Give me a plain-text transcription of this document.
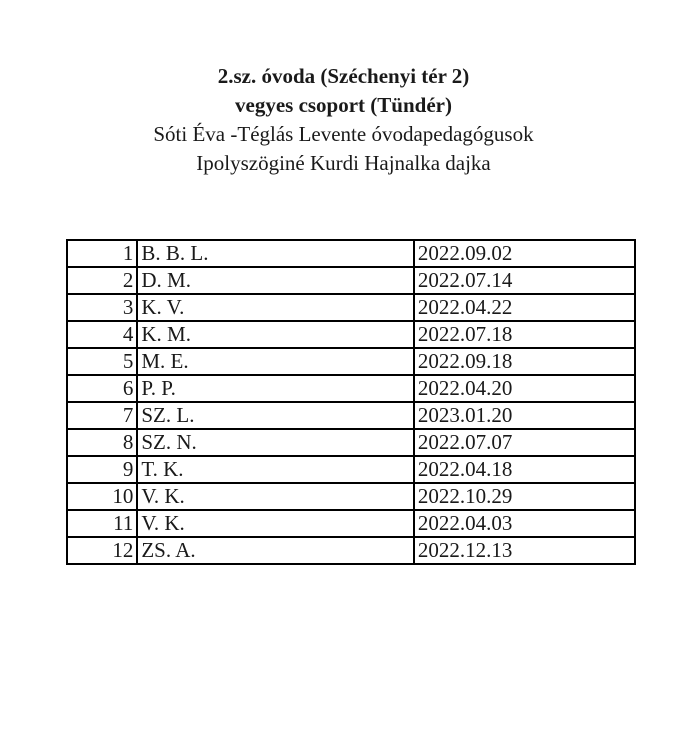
2.sz. óvoda (Széchenyi tér 2)
vegyes csoport (Tündér)
Sóti Éva -Téglás Levente óvodapedagógusok
Ipolyszöginé Kurdi Hajnalka dajka
1	B. B. L.	2022.09.02
2	D. M.	2022.07.14
3	K. V.	2022.04.22
4	K. M.	2022.07.18
5	M. E.	2022.09.18
6	P. P.	2022.04.20
7	SZ. L.	2023.01.20
8	SZ. N.	2022.07.07
9	T. K.	2022.04.18
10	V. K.	2022.10.29
11	V. K.	2022.04.03
12	ZS. A.	2022.12.13
